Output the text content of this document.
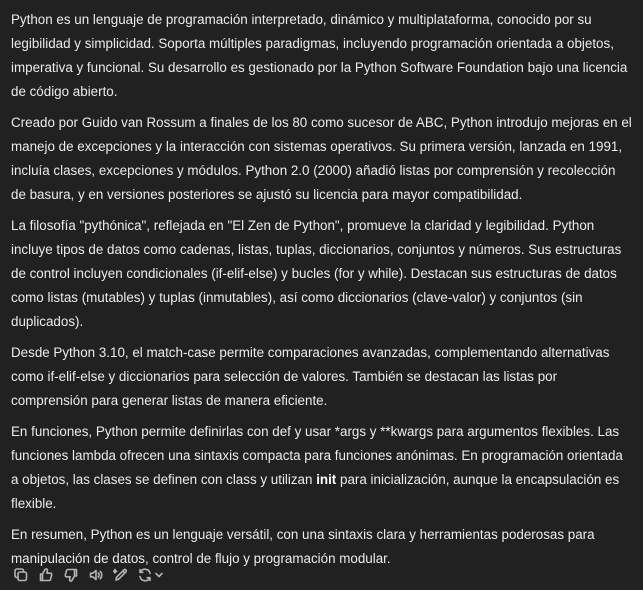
Python es un lenguaje de programación interpretado, dinámico y multiplataforma, conocido por su legibilidad y simplicidad. Soporta múltiples paradigmas, incluyendo programación orientada a objetos, imperativa y funcional. Su desarrollo es gestionado por la Python Software Foundation bajo una licencia de código abierto.

Creado por Guido van Rossum a finales de los 80 como sucesor de ABC, Python introdujo mejoras en el manejo de excepciones y la interacción con sistemas operativos. Su primera versión, lanzada en 1991, incluía clases, excepciones y módulos. Python 2.0 (2000) añadió listas por comprensión y recolección de basura, y en versiones posteriores se ajustó su licencia para mayor compatibilidad.

La filosofía "pythónica", reflejada en "El Zen de Python", promueve la claridad y legibilidad. Python incluye tipos de datos como cadenas, listas, tuplas, diccionarios, conjuntos y números. Sus estructuras de control incluyen condicionales (if-elif-else) y bucles (for y while). Destacan sus estructuras de datos como listas (mutables) y tuplas (inmutables), así como diccionarios (clave-valor) y conjuntos (sin duplicados).

Desde Python 3.10, el match-case permite comparaciones avanzadas, complementando alternativas como if-elif-else y diccionarios para selección de valores. También se destacan las listas por comprensión para generar listas de manera eficiente.

En funciones, Python permite definirlas con def y usar *args y **kwargs para argumentos flexibles. Las funciones lambda ofrecen una sintaxis compacta para funciones anónimas. En programación orientada a objetos, las clases se definen con class y utilizan init para inicialización, aunque la encapsulación es flexible.

En resumen, Python es un lenguaje versátil, con una sintaxis clara y herramientas poderosas para manipulación de datos, control de flujo y programación modular.
